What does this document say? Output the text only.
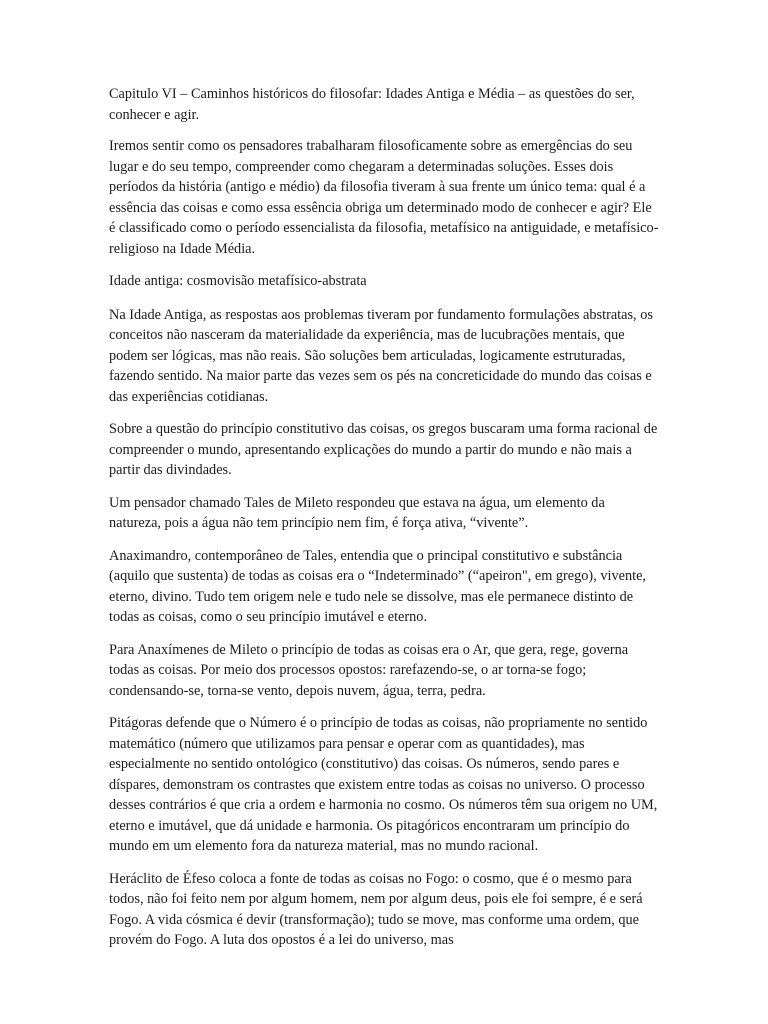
Capitulo VI – Caminhos históricos do filosofar: Idades Antiga e Média – as questões do ser, conhecer e agir.

Iremos sentir como os pensadores trabalharam filosoficamente sobre as emergências do seu lugar e do seu tempo, compreender como chegaram a determinadas soluções. Esses dois períodos da história (antigo e médio) da filosofia tiveram à sua frente um único tema: qual é a essência das coisas e como essa essência obriga um determinado modo de conhecer e agir? Ele é classificado como o período essencialista da filosofia, metafísico na antiguidade, e metafísico-religioso na Idade Média.

Idade antiga: cosmovisão metafísico-abstrata

Na Idade Antiga, as respostas aos problemas tiveram por fundamento formulações abstratas, os conceitos não nasceram da materialidade da experiência, mas de lucubrações mentais, que podem ser lógicas, mas não reais. São soluções bem articuladas, logicamente estruturadas, fazendo sentido. Na maior parte das vezes sem os pés na concreticidade do mundo das coisas e das experiências cotidianas.

Sobre a questão do princípio constitutivo das coisas, os gregos buscaram uma forma racional de compreender o mundo, apresentando explicações do mundo a partir do mundo e não mais a partir das divindades.

Um pensador chamado Tales de Mileto respondeu que estava na água, um elemento da natureza, pois a água não tem princípio nem fim, é força ativa, “vivente”.

Anaximandro, contemporâneo de Tales, entendia que o principal constitutivo e substância (aquilo que sustenta) de todas as coisas era o “Indeterminado” (“apeiron", em grego), vivente, eterno, divino. Tudo tem origem nele e tudo nele se dissolve, mas ele permanece distinto de todas as coisas, como o seu princípio imutável e eterno.

Para Anaxímenes de Mileto o princípio de todas as coisas era o Ar, que gera, rege, governa todas as coisas. Por meio dos processos opostos: rarefazendo-se, o ar torna-se fogo; condensando-se, torna-se vento, depois nuvem, água, terra, pedra.

Pitágoras defende que o Número é o princípio de todas as coisas, não propriamente no sentido matemático (número que utilizamos para pensar e operar com as quantidades), mas especialmente no sentido ontológico (constitutivo) das coisas. Os números, sendo pares e díspares, demonstram os contrastes que existem entre todas as coisas no universo. O processo desses contrários é que cria a ordem e harmonia no cosmo. Os números têm sua origem no UM, eterno e imutável, que dá unidade e harmonia. Os pitagóricos encontraram um princípio do mundo em um elemento fora da natureza material, mas no mundo racional.

Heráclito de Éfeso coloca a fonte de todas as coisas no Fogo: o cosmo, que é o mesmo para todos, não foi feito nem por algum homem, nem por algum deus, pois ele foi sempre, é e será Fogo. A vida cósmica é devir (transformação); tudo se move, mas conforme uma ordem, que provém do Fogo. A luta dos opostos é a lei do universo, mas
